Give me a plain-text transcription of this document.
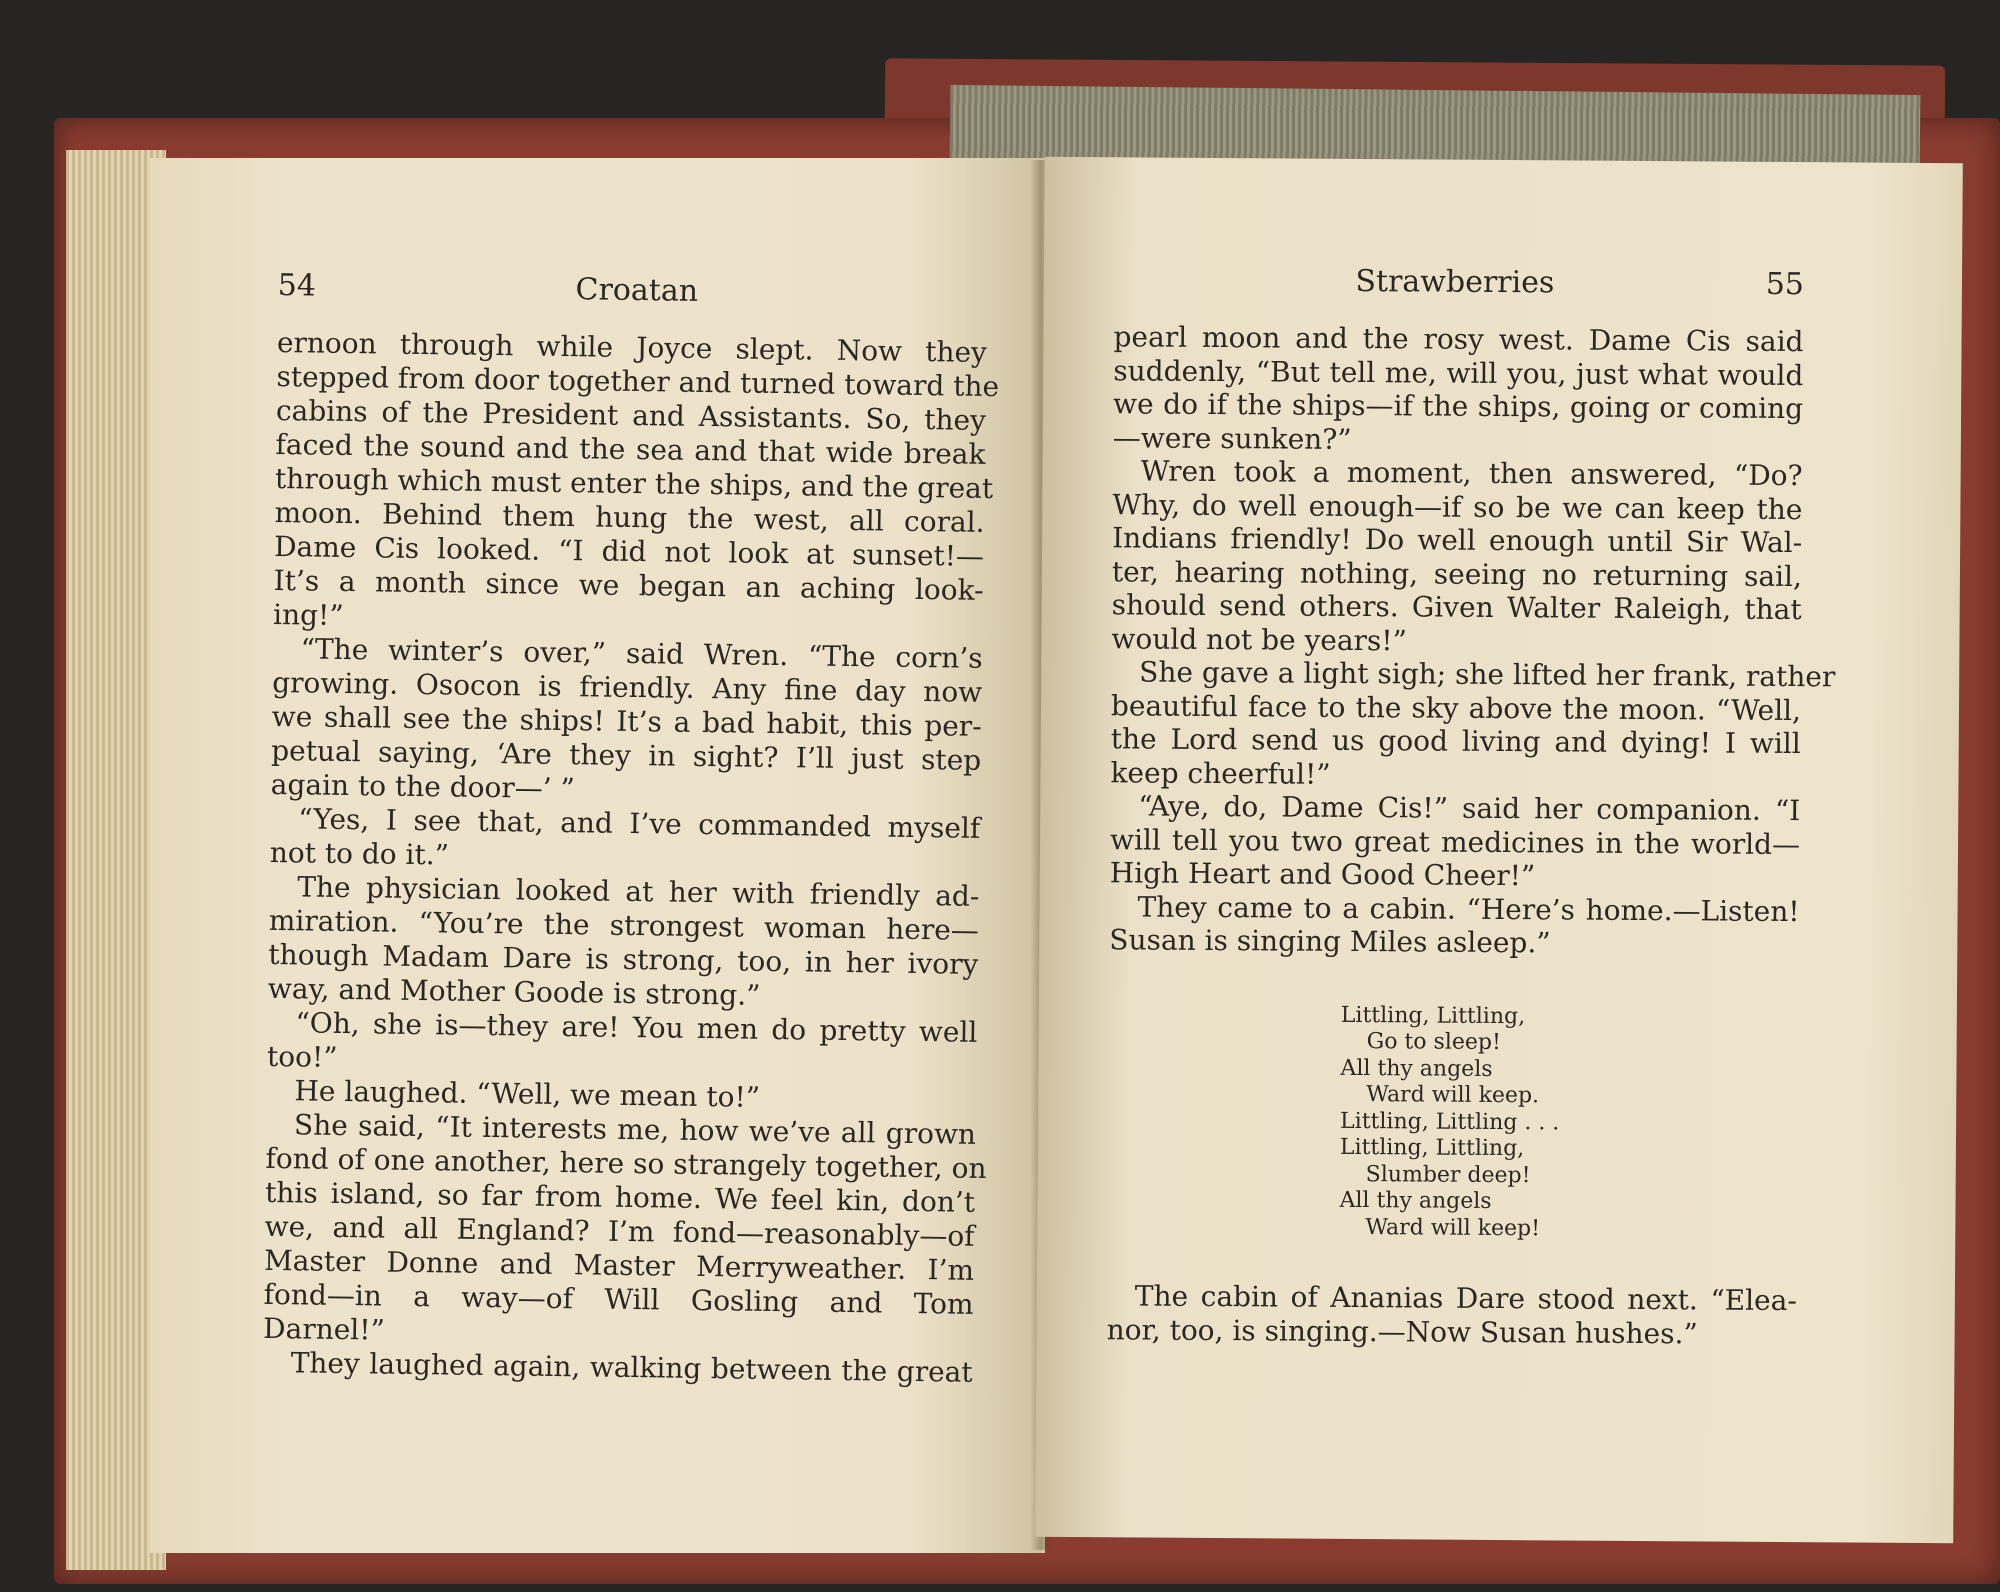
54	Croatan
ernoon through while Joyce slept. Now they
stepped from door together and turned toward the
cabins of the President and Assistants. So, they
faced the sound and the sea and that wide break
through which must enter the ships, and the great
moon. Behind them hung the west, all coral.
Dame Cis looked. “I did not look at sunset!—
It’s a month since we began an aching look-
ing!”
“The winter’s over,” said Wren. “The corn’s
growing. Osocon is friendly. Any fine day now
we shall see the ships! It’s a bad habit, this per-
petual saying, ‘Are they in sight? I’ll just step
again to the door—’ ”
“Yes, I see that, and I’ve commanded myself
not to do it.”
The physician looked at her with friendly ad-
miration. “You’re the strongest woman here—
though Madam Dare is strong, too, in her ivory
way, and Mother Goode is strong.”
“Oh, she is—they are! You men do pretty well
too!”
He laughed. “Well, we mean to!”
She said, “It interests me, how we’ve all grown
fond of one another, here so strangely together, on
this island, so far from home. We feel kin, don’t
we, and all England? I’m fond—reasonably—of
Master Donne and Master Merryweather. I’m
fond—in a way—of Will Gosling and Tom
Darnel!”
They laughed again, walking between the great
Strawberries	55
pearl moon and the rosy west. Dame Cis said
suddenly, “But tell me, will you, just what would
we do if the ships—if the ships, going or coming
—were sunken?”
Wren took a moment, then answered, “Do?
Why, do well enough—if so be we can keep the
Indians friendly! Do well enough until Sir Wal-
ter, hearing nothing, seeing no returning sail,
should send others. Given Walter Raleigh, that
would not be years!”
She gave a light sigh; she lifted her frank, rather
beautiful face to the sky above the moon. “Well,
the Lord send us good living and dying! I will
keep cheerful!”
“Aye, do, Dame Cis!” said her companion. “I
will tell you two great medicines in the world—
High Heart and Good Cheer!”
They came to a cabin. “Here’s home.—Listen!
Susan is singing Miles asleep.”
Littling, Littling,
Go to sleep!
All thy angels
Ward will keep.
Littling, Littling . . .
Littling, Littling,
Slumber deep!
All thy angels
Ward will keep!
The cabin of Ananias Dare stood next. “Elea-
nor, too, is singing.—Now Susan hushes.”
